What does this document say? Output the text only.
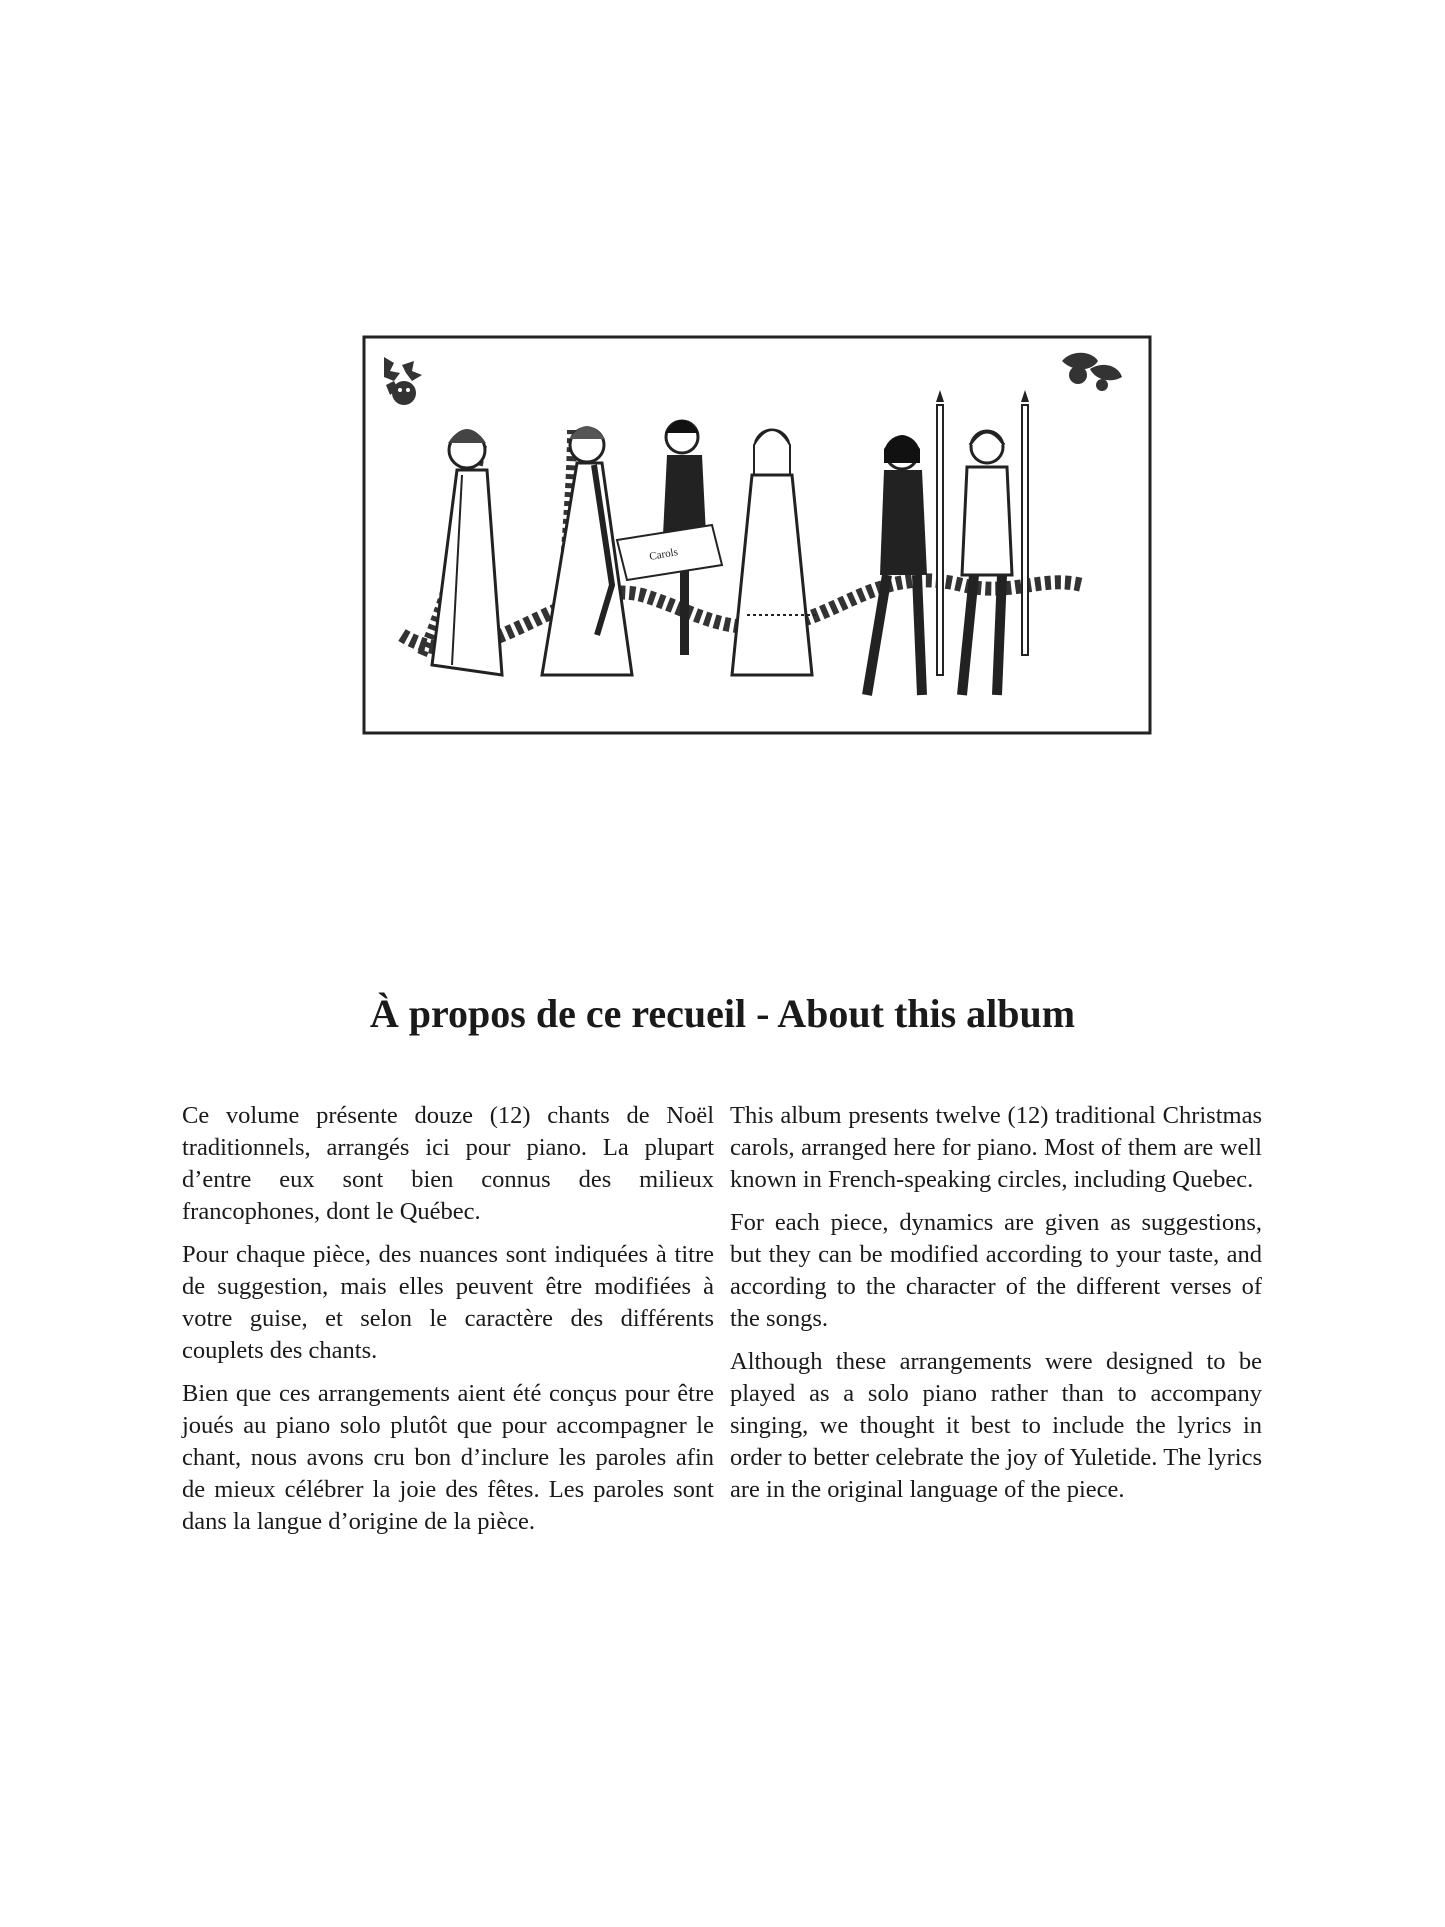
Carols
À propos de ce recueil - About this album

Ce volume présente douze (12) chants de Noël traditionnels, arrangés ici pour piano. La plupart d’entre eux sont bien connus des milieux francophones, dont le Québec.

Pour chaque pièce, des nuances sont indiquées à titre de suggestion, mais elles peuvent être modifiées à votre guise, et selon le caractère des différents couplets des chants.

Bien que ces arrangements aient été conçus pour être joués au piano solo plutôt que pour accompagner le chant, nous avons cru bon d’inclure les paroles afin de mieux célébrer la joie des fêtes. Les paroles sont dans la langue d’origine de la pièce.

This album presents twelve (12) traditional Christmas carols, arranged here for piano. Most of them are well known in French-speaking circles, including Quebec.

For each piece, dynamics are given as suggestions, but they can be modified according to your taste, and according to the character of the different verses of the songs.

Although these arrangements were designed to be played as a solo piano rather than to accompany singing, we thought it best to include the lyrics in order to better celebrate the joy of Yuletide. The lyrics are in the original language of the piece.
